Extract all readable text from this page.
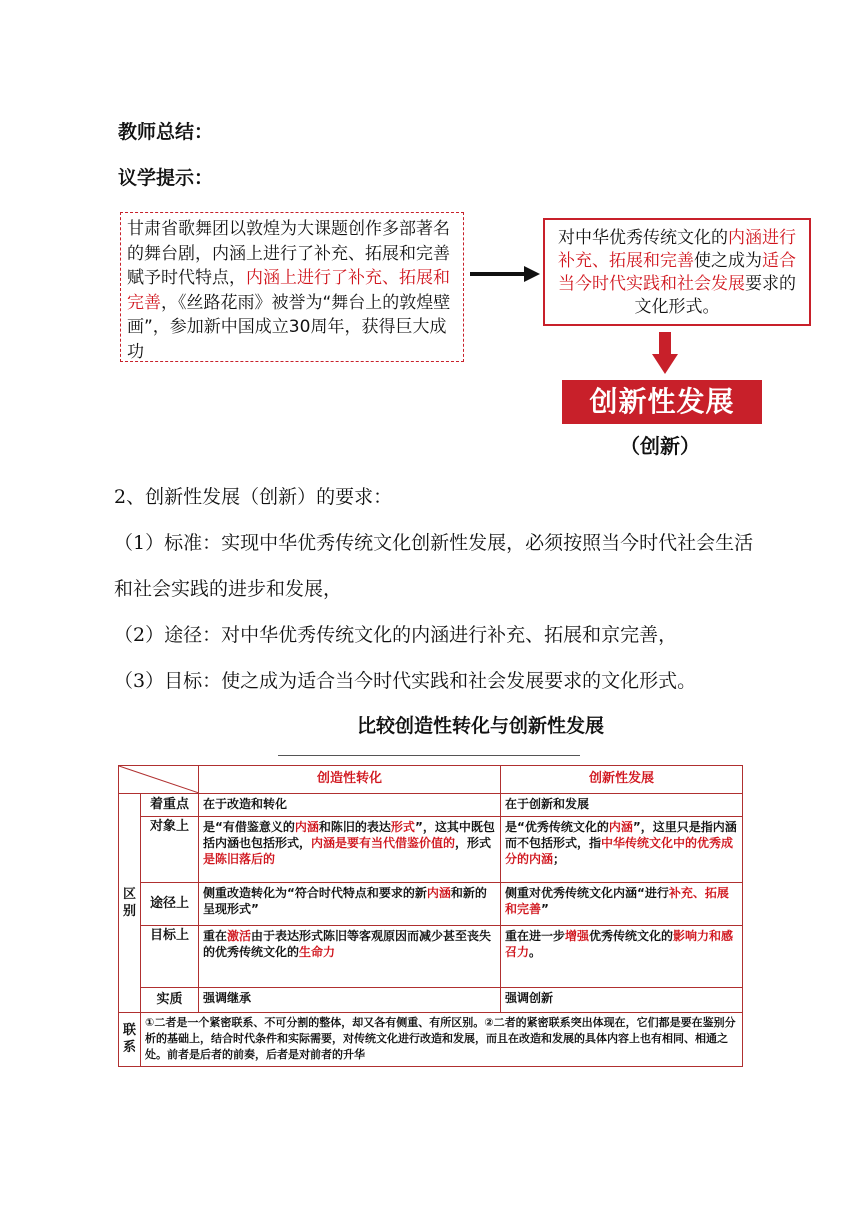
教师总结：
议学提示：
甘肃省歌舞团以敦煌为大课题创作多部著名的舞台剧，内涵上进行了补充、拓展和完善赋予时代特点，内涵上进行了补充、拓展和完善，《丝路花雨》被誉为“舞台上的敦煌壁画”，参加新中国成立30周年，获得巨大成功
对中华优秀传统文化的内涵进行补充、拓展和完善使之成为适合当今时代实践和社会发展要求的文化形式。
创新性发展
（创新）
2、创新性发展（创新）的要求：
（1）标准：实现中华优秀传统文化创新性发展，必须按照当今时代社会生活
和社会实践的进步和发展，
（2）途径：对中华优秀传统文化的内涵进行补充、拓展和京完善，
（3）目标：使之成为适合当今时代实践和社会发展要求的文化形式。
比较创造性转化与创新性发展
	创造性转化	创新性发展
区别	着重点	在于改造和转化	在于创新和发展
	对象上	是“有借鉴意义的内涵和陈旧的表达形式”，这其中既包括内涵也包括形式，内涵是要有当代借鉴价值的，形式是陈旧落后的	是“优秀传统文化的内涵”，这里只是指内涵而不包括形式，指中华传统文化中的优秀成分的内涵；
	途径上	侧重改造转化为“符合时代特点和要求的新内涵和新的呈现形式”	侧重对优秀传统文化内涵“进行补充、拓展和完善”
	目标上	重在激活由于表达形式陈旧等客观原因而减少甚至丧失的优秀传统文化的生命力	重在进一步增强优秀传统文化的影响力和感召力。
	实质	强调继承	强调创新
联系	①二者是一个紧密联系、不可分割的整体，却又各有侧重、有所区别。②二者的紧密联系突出体现在，它们都是要在鉴别分析的基础上，结合时代条件和实际需要，对传统文化进行改造和发展，而且在改造和发展的具体内容上也有相同、相通之处。前者是后者的前奏，后者是对前者的升华		
